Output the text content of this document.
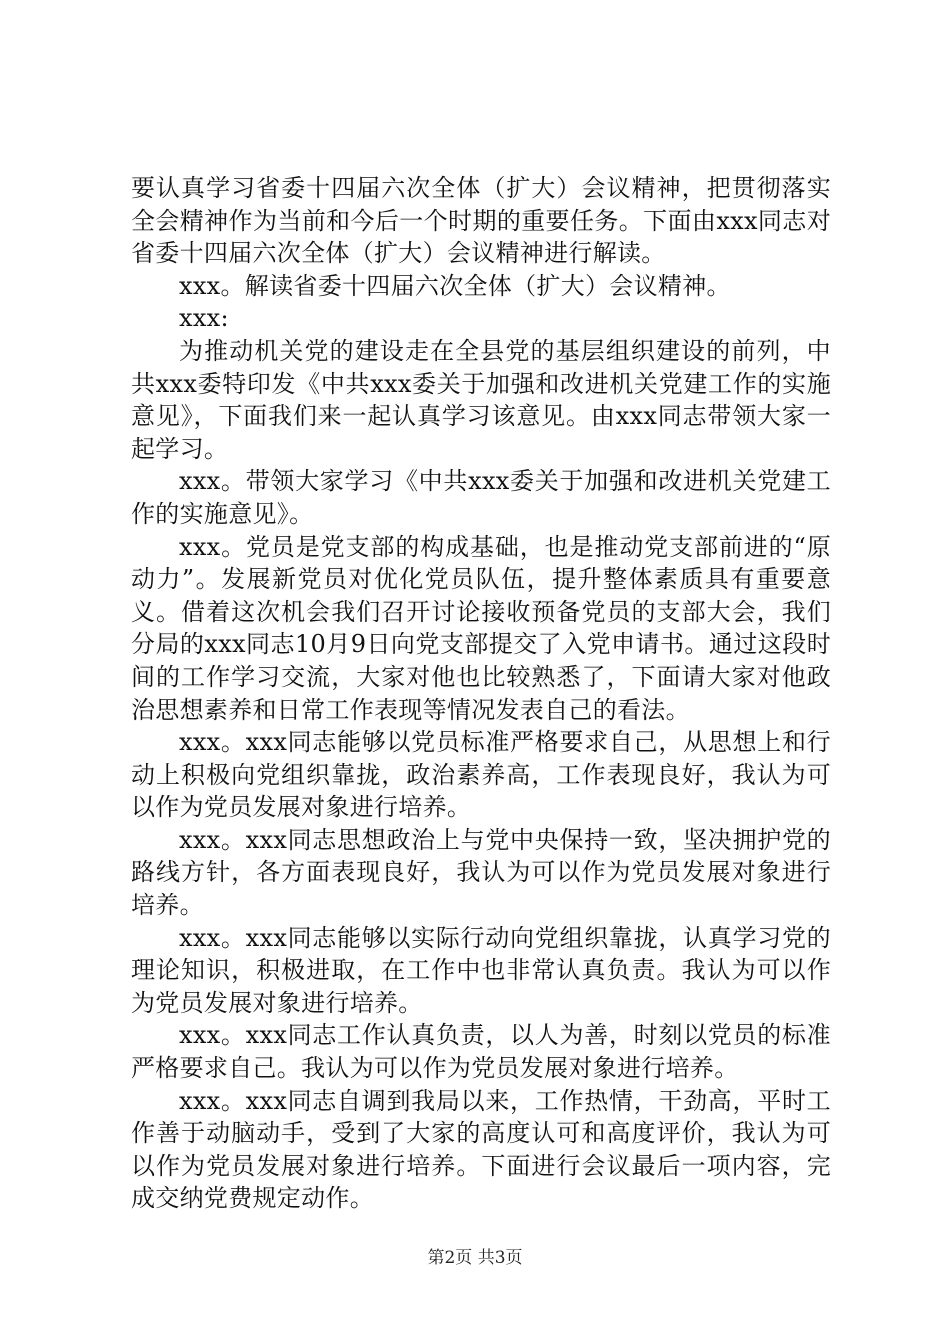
要认真学习省委十四届六次全体（扩大）会议精神，把贯彻落实全会精神作为当前和今后一个时期的重要任务。下面由xxx同志对省委十四届六次全体（扩大）会议精神进行解读。

xxx。解读省委十四届六次全体（扩大）会议精神。

xxx:

为推动机关党的建设走在全县党的基层组织建设的前列，中共xxx委特印发《中共xxx委关于加强和改进机关党建工作的实施意见》，下面我们来一起认真学习该意见。由xxx同志带领大家一起学习。

xxx。带领大家学习《中共xxx委关于加强和改进机关党建工作的实施意见》。

xxx。党员是党支部的构成基础，也是推动党支部前进的“原动力”。发展新党员对优化党员队伍，提升整体素质具有重要意义。借着这次机会我们召开讨论接收预备党员的支部大会，我们分局的xxx同志10月9日向党支部提交了入党申请书。通过这段时间的工作学习交流，大家对他也比较熟悉了，下面请大家对他政治思想素养和日常工作表现等情况发表自己的看法。

xxx。xxx同志能够以党员标准严格要求自己，从思想上和行动上积极向党组织靠拢，政治素养高，工作表现良好，我认为可以作为党员发展对象进行培养。

xxx。xxx同志思想政治上与党中央保持一致，坚决拥护党的路线方针，各方面表现良好，我认为可以作为党员发展对象进行培养。

xxx。xxx同志能够以实际行动向党组织靠拢，认真学习党的理论知识，积极进取，在工作中也非常认真负责。我认为可以作为党员发展对象进行培养。

xxx。xxx同志工作认真负责，以人为善，时刻以党员的标准严格要求自己。我认为可以作为党员发展对象进行培养。

xxx。xxx同志自调到我局以来，工作热情，干劲高，平时工作善于动脑动手，受到了大家的高度认可和高度评价，我认为可以作为党员发展对象进行培养。下面进行会议最后一项内容，完成交纳党费规定动作。

第2页 共3页
